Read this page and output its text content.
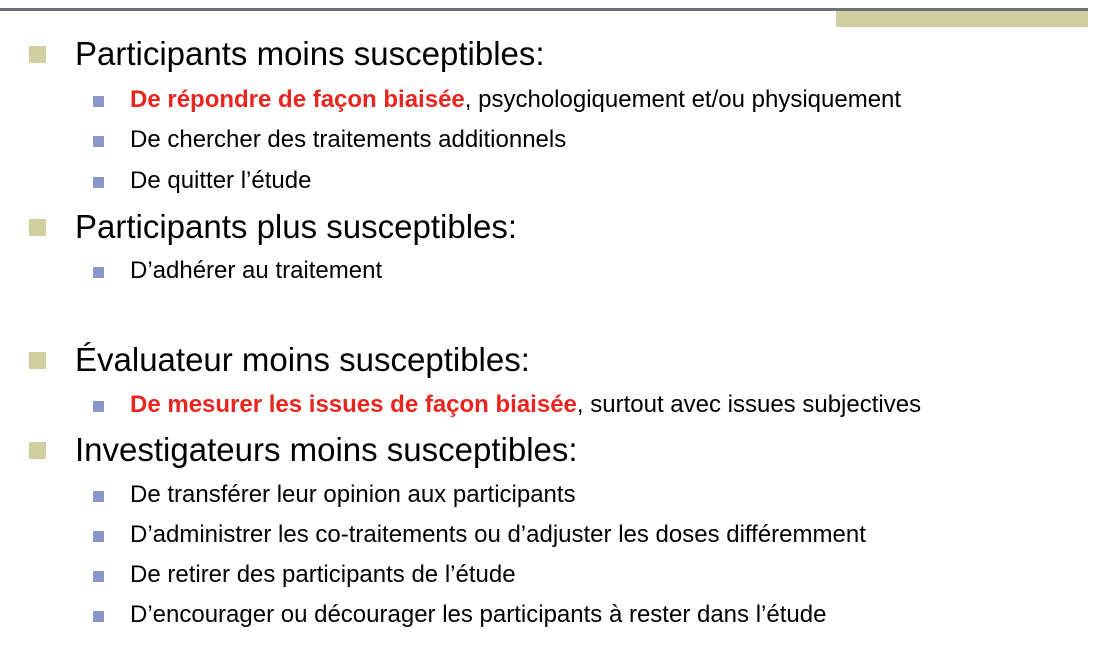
Participants moins susceptibles:
De répondre de façon biaisée, psychologiquement et/ou physiquement
De chercher des traitements additionnels
De quitter l’étude
Participants plus susceptibles:
D’adhérer au traitement
Évaluateur moins susceptibles:
De mesurer les issues de façon biaisée, surtout avec issues subjectives
Investigateurs moins susceptibles:
De transférer leur opinion aux participants
D’administrer les co-traitements ou d’adjuster les doses différemment
De retirer des participants de l’étude
D’encourager ou décourager les participants à rester dans l’étude
